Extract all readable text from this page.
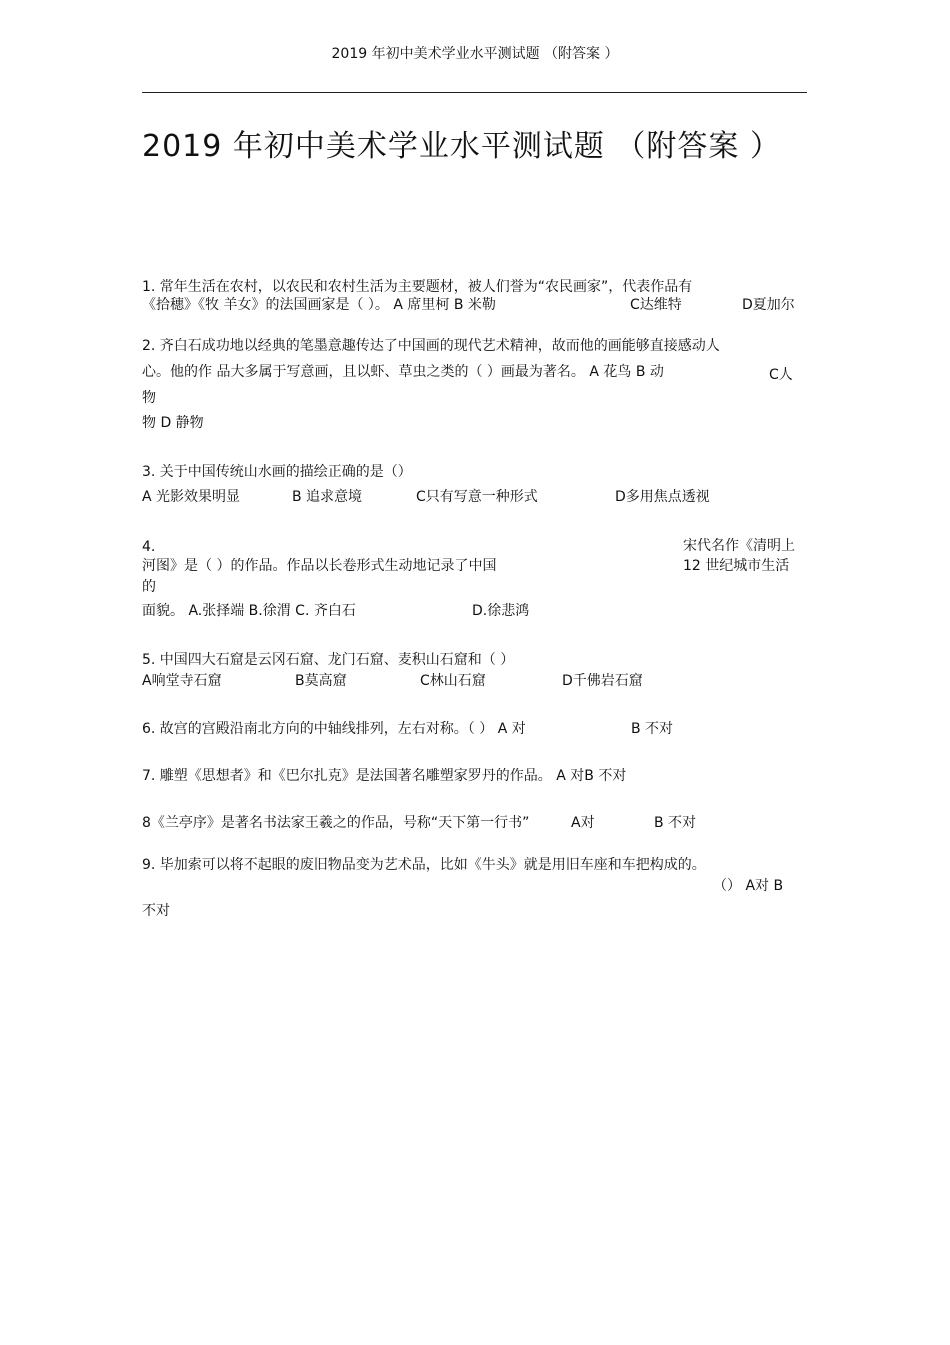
2019 年初中美术学业水平测试题 （附答案 ）
2019 年初中美术学业水平测试题 （附答案 ）
1. 常年生活在农村，以农民和农村生活为主要题材，被人们誉为“农民画家”，代表作品有
《拾穗》《牧 羊女》的法国画家是（ ）。 A 席里柯 B 米勒	C达维特	D夏加尔
2. 齐白石成功地以经典的笔墨意趣传达了中国画的现代艺术精神，故而他的画能够直接感动人
心。他的作 品大多属于写意画，且以虾、草虫之类的（ ）画最为著名。 A 花鸟 B 动	C人
物
物 D 静物
3. 关于中国传统山水画的描绘正确的是（）
A 光影效果明显	B 追求意境	C只有写意一种形式	D多用焦点透视
4.	宋代名作《清明上
河图》是（ ）的作品。作品以长卷形式生动地记录了中国	12 世纪城市生活
的
面貌。 A.张择端 B.徐渭 C. 齐白石	D.徐悲鸿
5. 中国四大石窟是云冈石窟、龙门石窟、麦积山石窟和（ ）
A响堂寺石窟	B莫高窟	C林山石窟	D千佛岩石窟
6. 故宫的宫殿沿南北方向的中轴线排列，左右对称。（ ） A 对	B 不对
7. 雕塑《思想者》和《巴尔扎克》是法国著名雕塑家罗丹的作品。 A 对B 不对
8《兰亭序》是著名书法家王羲之的作品，号称“天下第一行书”	A对	B 不对
9. 毕加索可以将不起眼的废旧物品变为艺术品，比如《牛头》就是用旧车座和车把构成的。
（） A对 B
不对
